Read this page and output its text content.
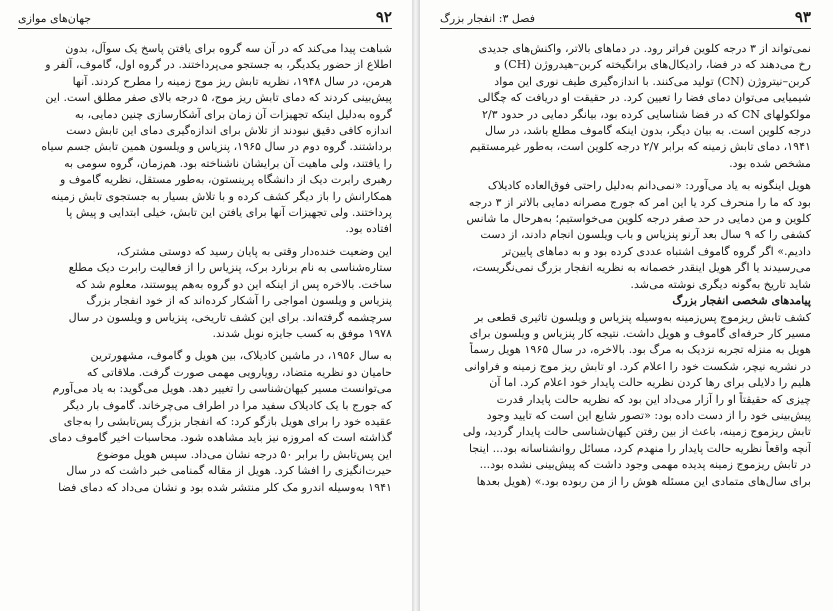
۹۲
جهان‌های موازی
شباهت پیدا می‌کند که در آن سه گروه برای یافتن پاسخ یک سوآل، بدون
اطلاع از حضور یکدیگر، به جستجو می‌پرداختند. در گروه اول، گاموف، آلفر و
هرمن، در سال ۱۹۴۸، نظریه تابش ریز موج زمینه را مطرح کردند. آنها
پیش‌بینی کردند که دمای تابش ریز موج، ۵ درجه بالای صفر مطلق است. این
گروه به‌دلیل اینکه تجهیزات آن زمان برای آشکارسازی چنین دمایی، به
اندازه کافی دقیق نبودند از تلاش برای اندازه‌گیری دمای این تابش دست
برداشتند. گروه دوم در سال ۱۹۶۵، پنزیاس و ویلسون همین تابش جسم سیاه
را یافتند، ولی ماهیت آن برایشان ناشناخته بود. هم‌زمان، گروه سومی به
رهبری رابرت دیک از دانشگاه پرینستون، به‌طور مستقل، نظریه گاموف و
همکارانش را باز دیگر کشف کرده و با تلاش بسیار به جستجوی تابش زمینه
پرداختند. ولی تجهیزات آنها برای یافتن این تابش، خیلی ابتدایی و پیش پا
افتاده بود.
این وضعیت خنده‌دار وقتی به پایان رسید که دوستی مشترک،
ستاره‌شناسی به نام برنارد برک، پنزیاس را از فعالیت رابرت دیک مطلع
ساخت. بالاخره پس از اینکه این دو گروه به‌هم پیوستند، معلوم شد که
پنزیاس و ویلسون امواجی را آشکار کرده‌اند که از خود انفجار بزرگ
سرچشمه گرفته‌اند. برای این کشف تاریخی، پنزیاس و ویلسون در سال
۱۹۷۸ موفق به کسب جایزه نوبل شدند.
به سال ۱۹۵۶، در ماشین کادیلاک، بین هویل و گاموف، مشهورترین
حامیان دو نظریه متضاد، رویارویی مهمی صورت گرفت. ملاقاتی که
می‌توانست مسیر کیهان‌شناسی را تغییر دهد. هویل می‌گوید: به یاد می‌آورم
که جورج با یک کادیلاک سفید مرا در اطراف می‌چرخاند. گاموف بار دیگر
عقیده خود را برای هویل بازگو کرد: که انفجار بزرگ پس‌تابشی را به‌جای
گذاشته است که امروزه نیز باید مشاهده شود. محاسبات اخیر گاموف دمای
این پس‌تابش را برابر ۵۰ درجه نشان می‌داد. سپس هویل موضوع
حیرت‌انگیزی را افشا کرد. هویل از مقاله گمنامی خبر داشت که در سال
۱۹۴۱ به‌وسیله اندرو مک کلر منتشر شده بود و نشان می‌داد که دمای فضا
۹۳
فصل ۳: انفجار بزرگ
نمی‌تواند از ۳ درجه کلوین فراتر رود. در دماهای بالاتر، واکنش‌های جدیدی
رخ می‌دهند که در فضا، رادیکال‌های برانگیخته کربن‌–هیدروژن (CH) و
کربن–نیتروژن (CN) تولید می‌کنند. با اندازه‌گیری طیف نوری این مواد
شیمیایی می‌توان دمای فضا را تعیین کرد. در حقیقت او دریافت که چگالی
مولکولهای CN که در فضا شناسایی کرده بود، بیانگر دمایی در حدود ۲/۳
درجه کلوین است. به بیان دیگر، بدون اینکه گاموف مطلع باشد، در سال
۱۹۴۱، دمای تابش زمینه که برابر ۲/۷ درجه کلوین است، به‌طور غیرمستقیم
مشخص شده بود.
هویل اینگونه به یاد می‌آورد: «نمی‌دانم به‌دلیل راحتی فوق‌العاده کادیلاک
بود که ما را منحرف کرد یا این امر که جورج مصرانه دمایی بالاتر از ۳ درجه
کلوین و من دمایی در حد صفر درجه کلوین می‌خواستیم؛ به‌هرحال ما شانس
کشفی را که ۹ سال بعد آرنو پنزیاس و باب ویلسون انجام دادند، از دست
دادیم.» اگر گروه گاموف اشتباه عددی کرده بود و به دماهای پایین‌تر
می‌رسیدند یا اگر هویل اینقدر خصمانه به نظریه انفجار بزرگ نمی‌نگریست،
شاید تاریخ به‌گونه دیگری نوشته می‌شد.
پیامدهای شخصی انفجار بزرگ
کشف تابش ریزموج پس‌زمینه به‌وسیله پنزیاس و ویلسون تاثیری قطعی بر
مسیر کار حرفه‌ای گاموف و هویل داشت. نتیجه کار پنزیاس و ویلسون برای
هویل به منزله تجربه نزدیک به مرگ بود. بالاخره، در سال ۱۹۶۵ هویل رسماً
در نشریه نیچر، شکست خود را اعلام کرد. او تابش ریز موج زمینه و فراوانی
هلیم را دلایلی برای رها کردن نظریه حالت پایدار خود اعلام کرد. اما آن
چیزی که حقیقتاً او را آزار می‌داد این بود که نظریه حالت پایدار قدرت
پیش‌بینی خود را از دست داده بود: «تصور شایع این است که تایید وجود
تابش ریزموج زمینه، باعث از بین رفتن کیهان‌شناسی حالت پایدار گردید، ولی
آنچه واقعاً نظریه حالت پایدار را منهدم کرد، مسائل روانشناسانه بود... اینجا
در تابش ریزموج زمینه پدیده مهمی وجود داشت که پیش‌بینی نشده بود...
برای سال‌های متمادی این مسئله هوش را از من ربوده بود.» (هویل بعدها
